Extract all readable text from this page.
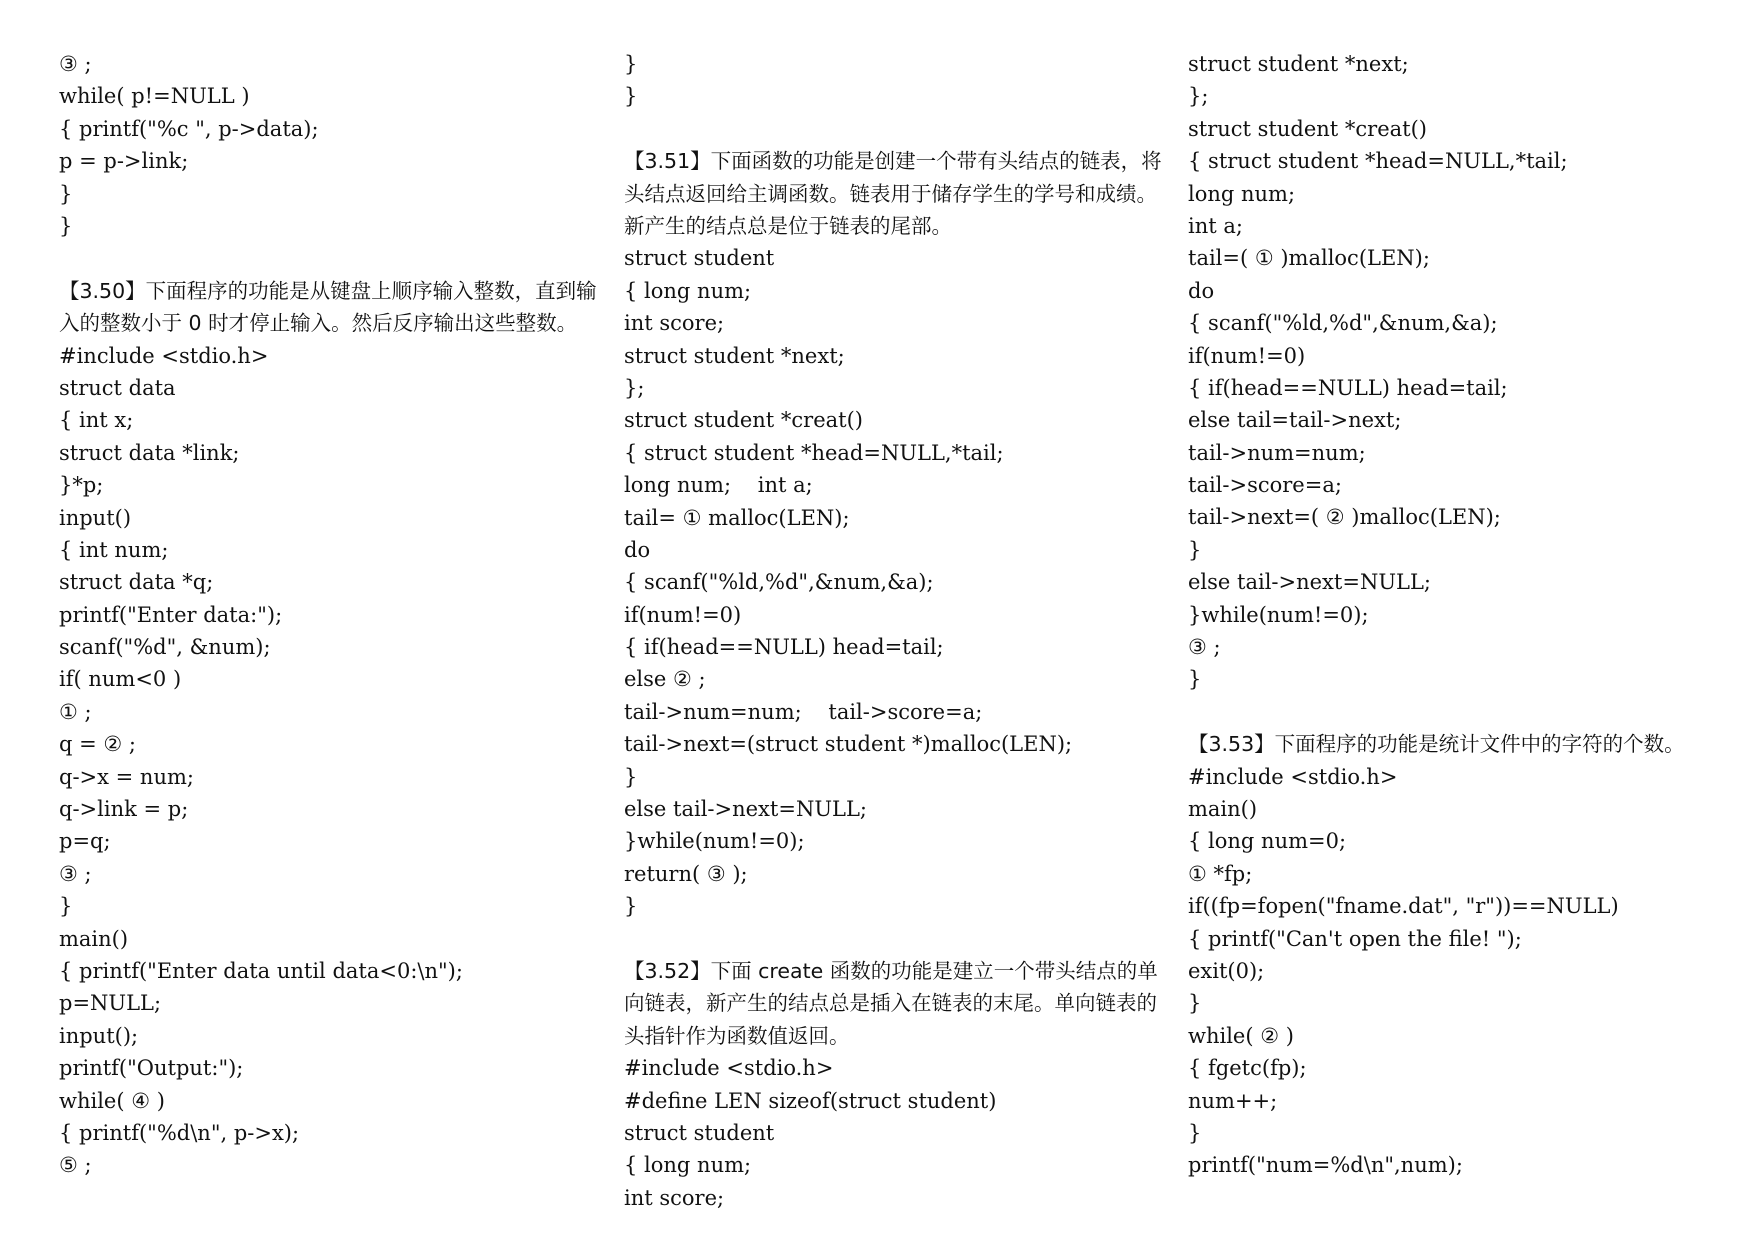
③ ;
while( p!=NULL )
{ printf("%c ", p->data);
p = p->link;
}
}
【3.50】下面程序的功能是从键盘上顺序输入整数，直到输入的整数小于 0 时才停止输入。然后反序输出这些整数。
#include <stdio.h>
struct data
{ int x;
struct data *link;
}*p;
input()
{ int num;
struct data *q;
printf("Enter data:");
scanf("%d", &num);
if( num<0 )
① ;
q = ② ;
q->x = num;
q->link = p;
p=q;
③ ;
}
main()
{ printf("Enter data until data<0:\n");
p=NULL;
input();
printf("Output:");
while( ④ )
{ printf("%d\n", p->x);
⑤ ;
}
}
【3.51】下面函数的功能是创建一个带有头结点的链表，将头结点返回给主调函数。链表用于储存学生的学号和成绩。新产生的结点总是位于链表的尾部。
struct student
{ long num;
int score;
struct student *next;
};
struct student *creat()
{ struct student *head=NULL,*tail;
long num;    int a;
tail= ① malloc(LEN);
do
{ scanf("%ld,%d",&num,&a);
if(num!=0)
{ if(head==NULL) head=tail;
else ② ;
tail->num=num;    tail->score=a;
tail->next=(struct student *)malloc(LEN);
}
else tail->next=NULL;
}while(num!=0);
return( ③ );
}
【3.52】下面 create 函数的功能是建立一个带头结点的单向链表，新产生的结点总是插入在链表的末尾。单向链表的头指针作为函数值返回。
#include <stdio.h>
#define LEN sizeof(struct student)
struct student
{ long num;
int score;
struct student *next;
};
struct student *creat()
{ struct student *head=NULL,*tail;
long num;
int a;
tail=( ① )malloc(LEN);
do
{ scanf("%ld,%d",&num,&a);
if(num!=0)
{ if(head==NULL) head=tail;
else tail=tail->next;
tail->num=num;
tail->score=a;
tail->next=( ② )malloc(LEN);
}
else tail->next=NULL;
}while(num!=0);
③ ;
}
【3.53】下面程序的功能是统计文件中的字符的个数。
#include <stdio.h>
main()
{ long num=0;
① *fp;
if((fp=fopen("fname.dat", "r"))==NULL)
{ printf("Can't open the file! ");
exit(0);
}
while( ② )
{ fgetc(fp);
num++;
}
printf("num=%d\n",num);
